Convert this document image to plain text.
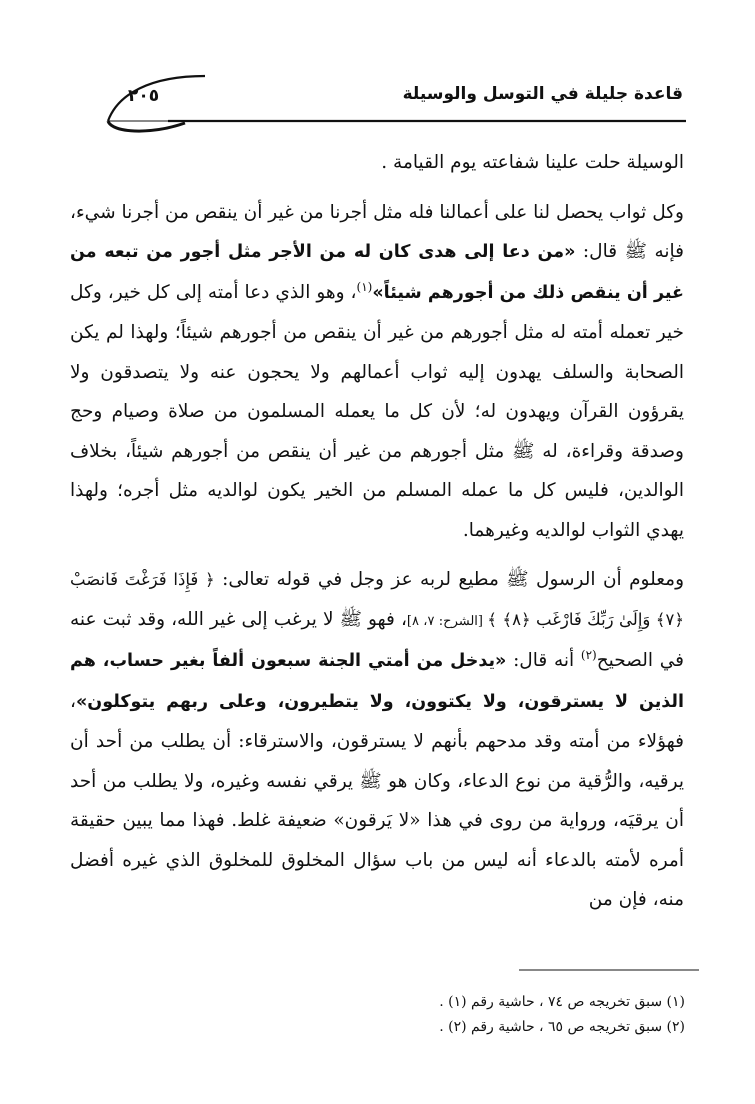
قاعدة جليلة في التوسل والوسيلة
٢٠٥

الوسيلة حلت علينا شفاعته يوم القيامة .

وكل ثواب يحصل لنا على أعمالنا فله مثل أجرنا من غير أن ينقص من أجرنا شيء، فإنه ﷺ قال: «من دعا إلى هدى كان له من الأجر مثل أجور من تبعه من غير أن ينقص ذلك من أجورهم شيئاً»$^{(١)}$، وهو الذي دعا أمته إلى كل خير، وكل خير تعمله أمته له مثل أجورهم من غير أن ينقص من أجورهم شيئاً؛ ولهذا لم يكن الصحابة والسلف يهدون إليه ثواب أعمالهم ولا يحجون عنه ولا يتصدقون ولا يقرؤون القرآن ويهدون له؛ لأن كل ما يعمله المسلمون من صلاة وصيام وحج وصدقة وقراءة، له ﷺ مثل أجورهم من غير أن ينقص من أجورهم شيئاً، بخلاف الوالدين، فليس كل ما عمله المسلم من الخير يكون لوالديه مثل أجره؛ ولهذا يهدي الثواب لوالديه وغيرهما.

ومعلوم أن الرسول ﷺ مطيع لربه عز وجل في قوله تعالى: ﴿ فَإِذَا فَرَغْتَ فَانصَبْ ﴿٧﴾ وَإِلَىٰ رَبِّكَ فَارْغَب ﴿٨﴾ ﴾ [الشرح: ٧، ٨]، فهو ﷺ لا يرغب إلى غير الله، وقد ثبت عنه في الصحيح$^{(٢)}$ أنه قال: «يدخل من أمتي الجنة سبعون ألفاً بغير حساب، هم الذين لا يسترقون، ولا يكتوون، ولا يتطيرون، وعلى ربهم يتوكلون»، فهؤلاء من أمته وقد مدحهم بأنهم لا يسترقون، والاسترقاء: أن يطلب من أحد أن يرقيه، والرُّقية من نوع الدعاء، وكان هو ﷺ يرقي نفسه وغيره، ولا يطلب من أحد أن يرقيَه، ورواية من روى في هذا «لا يَرقون» ضعيفة غلط. فهذا مما يبين حقيقة أمره لأمته بالدعاء أنه ليس من باب سؤال المخلوق للمخلوق الذي غيره أفضل منه، فإن من

(١) سبق تخريجه ص ٧٤ ، حاشية رقم (١) .
(٢) سبق تخريجه ص ٦٥ ، حاشية رقم (٢) .
